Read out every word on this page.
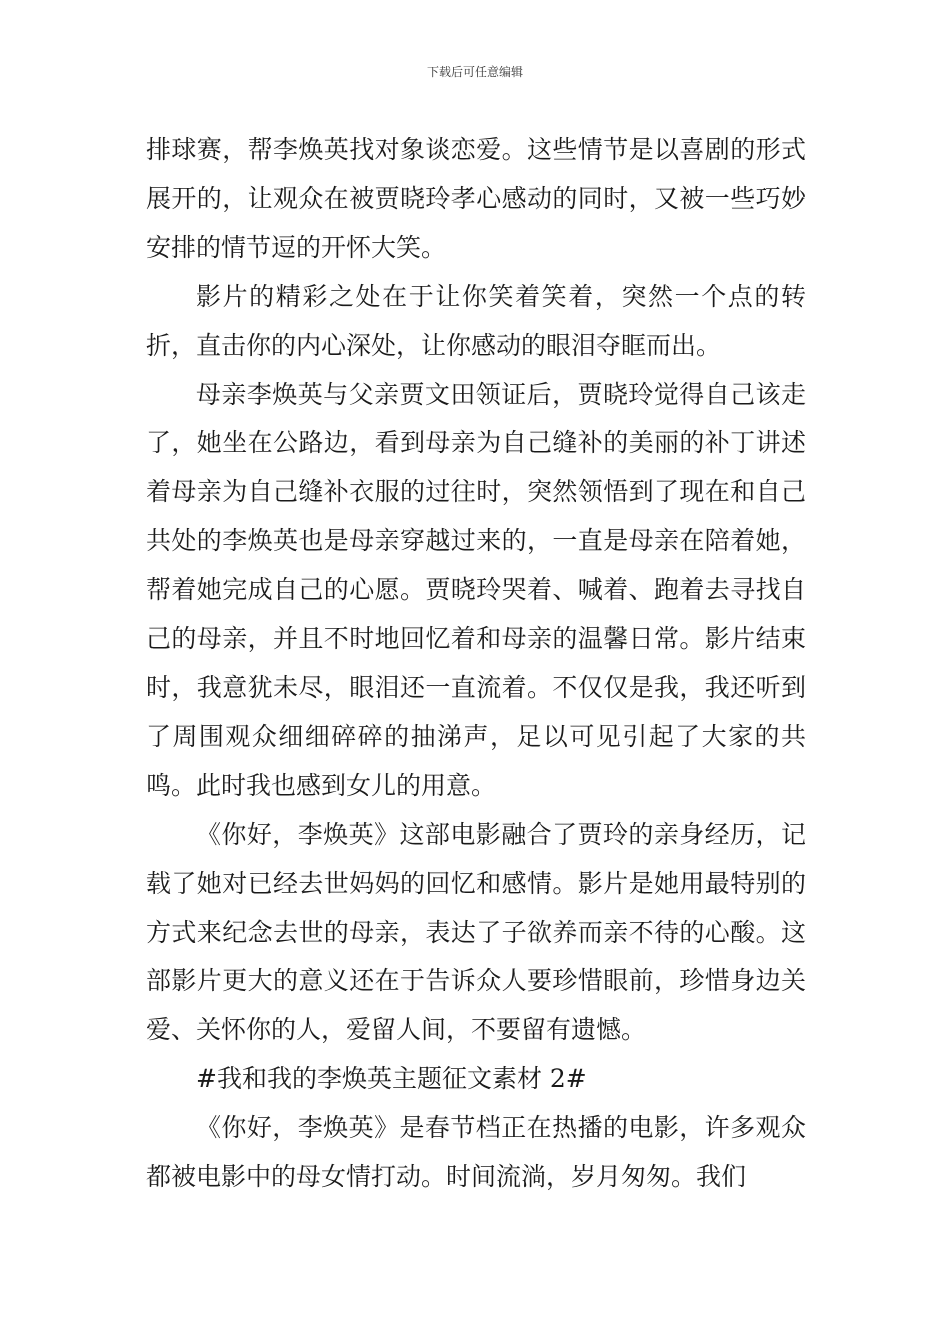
下载后可任意编辑

排球赛，帮李焕英找对象谈恋爱。这些情节是以喜剧的形式展开的，让观众在被贾晓玲孝心感动的同时，又被一些巧妙安排的情节逗的开怀大笑。

影片的精彩之处在于让你笑着笑着，突然一个点的转折，直击你的内心深处，让你感动的眼泪夺眶而出。

母亲李焕英与父亲贾文田领证后，贾晓玲觉得自己该走了，她坐在公路边，看到母亲为自己缝补的美丽的补丁讲述着母亲为自己缝补衣服的过往时，突然领悟到了现在和自己共处的李焕英也是母亲穿越过来的，一直是母亲在陪着她，帮着她完成自己的心愿。贾晓玲哭着、喊着、跑着去寻找自己的母亲，并且不时地回忆着和母亲的温馨日常。影片结束时，我意犹未尽，眼泪还一直流着。不仅仅是我，我还听到了周围观众细细碎碎的抽涕声，足以可见引起了大家的共鸣。此时我也感到女儿的用意。

《你好，李焕英》这部电影融合了贾玲的亲身经历，记载了她对已经去世妈妈的回忆和感情。影片是她用最特别的方式来纪念去世的母亲，表达了子欲养而亲不待的心酸。这部影片更大的意义还在于告诉众人要珍惜眼前，珍惜身边关爱、关怀你的人，爱留人间，不要留有遗憾。

#我和我的李焕英主题征文素材 2#

《你好，李焕英》是春节档正在热播的电影，许多观众都被电影中的母女情打动。时间流淌，岁月匆匆。我们
